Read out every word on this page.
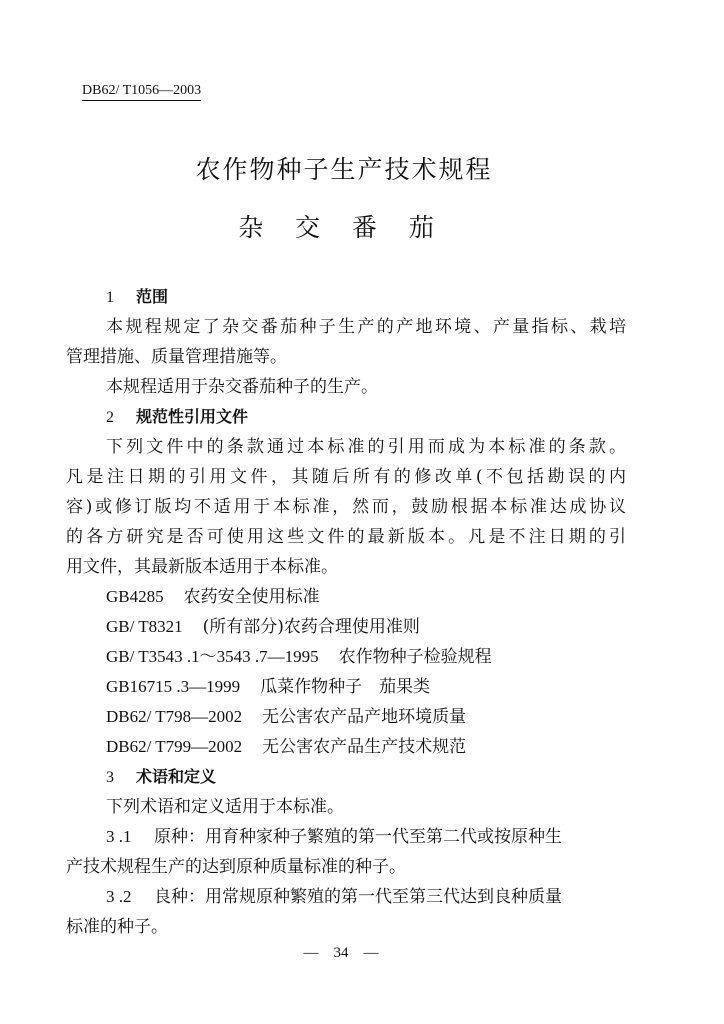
DB62/ T1056—2003
农作物种子生产技术规程
杂 交 番 茄
1 范围
本规程规定了杂交番茄种子生产的产地环境、产量指标、栽培
管理措施、质量管理措施等。
本规程适用于杂交番茄种子的生产。
2 规范性引用文件
下列文件中的条款通过本标准的引用而成为本标准的条款。
凡是注日期的引用文件，其随后所有的修改单(不包括勘误的内
容)或修订版均不适用于本标准，然而，鼓励根据本标准达成协议
的各方研究是否可使用这些文件的最新版本。凡是不注日期的引
用文件，其最新版本适用于本标准。
GB4285 农药安全使用标准
GB/ T8321 (所有部分)农药合理使用准则
GB/ T3543 .1～3543 .7—1995 农作物种子检验规程
GB16715 .3—1999 瓜菜作物种子　茄果类
DB62/ T798—2002 无公害农产品产地环境质量
DB62/ T799—2002 无公害农产品生产技术规范
3 术语和定义
下列术语和定义适用于本标准。
3 .1 原种：用育种家种子繁殖的第一代至第二代或按原种生
产技术规程生产的达到原种质量标准的种子。
3 .2 良种：用常规原种繁殖的第一代至第三代达到良种质量
标准的种子。
—　34　—
